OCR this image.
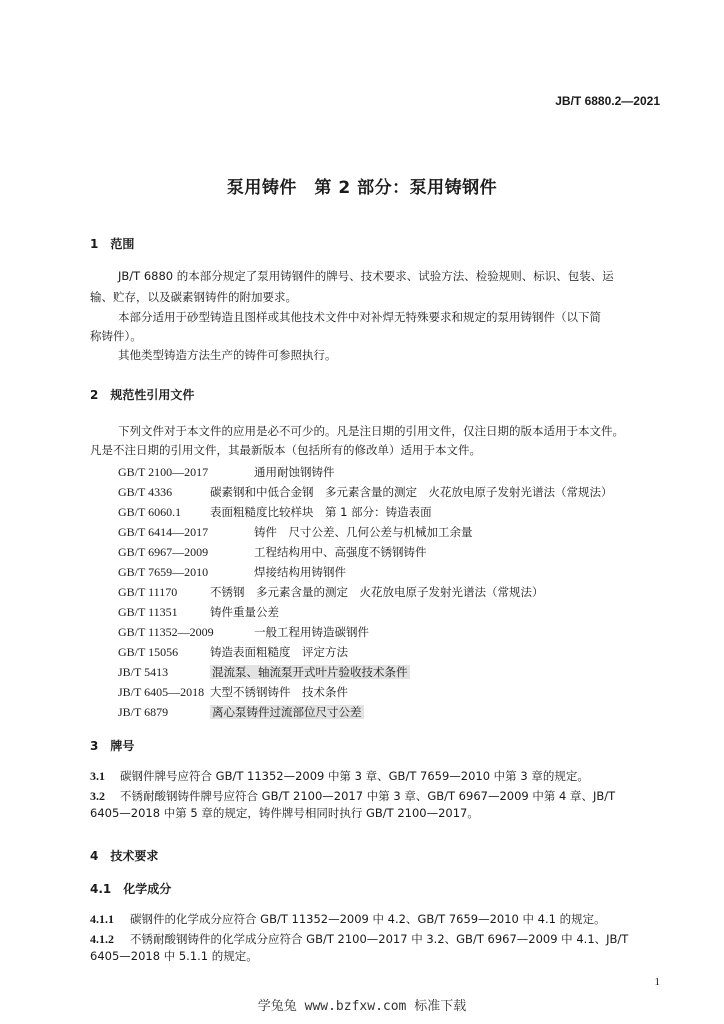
JB/T 6880.2—2021
泵用铸件　第 2 部分：泵用铸钢件
1　范围
JB/T 6880 的本部分规定了泵用铸钢件的牌号、技术要求、试验方法、检验规则、标识、包装、运
输、贮存，以及碳素钢铸件的附加要求。
本部分适用于砂型铸造且图样或其他技术文件中对补焊无特殊要求和规定的泵用铸钢件（以下简
称铸件）。
其他类型铸造方法生产的铸件可参照执行。
2　规范性引用文件
下列文件对于本文件的应用是必不可少的。凡是注日期的引用文件，仅注日期的版本适用于本文件。
凡是不注日期的引用文件，其最新版本（包括所有的修改单）适用于本文件。
GB/T 2100—2017	通用耐蚀钢铸件
GB/T 4336	碳素钢和中低合金钢　多元素含量的测定　火花放电原子发射光谱法（常规法）
GB/T 6060.1	表面粗糙度比较样块　第 1 部分：铸造表面
GB/T 6414—2017	铸件　尺寸公差、几何公差与机械加工余量
GB/T 6967—2009	工程结构用中、高强度不锈钢铸件
GB/T 7659—2010	焊接结构用铸钢件
GB/T 11170	不锈钢　多元素含量的测定　火花放电原子发射光谱法（常规法）
GB/T 11351	铸件重量公差
GB/T 11352—2009	一般工程用铸造碳钢件
GB/T 15056	铸造表面粗糙度　评定方法
JB/T 5413	混流泵、轴流泵开式叶片验收技术条件
JB/T 6405—2018 大型不锈钢铸件　技术条件
JB/T 6879	离心泵铸件过流部位尺寸公差
3　牌号
3.1 碳钢件牌号应符合 GB/T 11352—2009 中第 3 章、GB/T 7659—2010 中第 3 章的规定。
3.2 不锈耐酸钢铸件牌号应符合 GB/T 2100—2017 中第 3 章、GB/T 6967—2009 中第 4 章、JB/T
6405—2018 中第 5 章的规定，铸件牌号相同时执行 GB/T 2100—2017。
4　技术要求
4.1　化学成分
4.1.1 碳钢件的化学成分应符合 GB/T 11352—2009 中 4.2、GB/T 7659—2010 中 4.1 的规定。
4.1.2 不锈耐酸钢铸件的化学成分应符合 GB/T 2100—2017 中 3.2、GB/T 6967—2009 中 4.1、JB/T
6405—2018 中 5.1.1 的规定。
1
学兔兔 www.bzfxw.com 标准下载
